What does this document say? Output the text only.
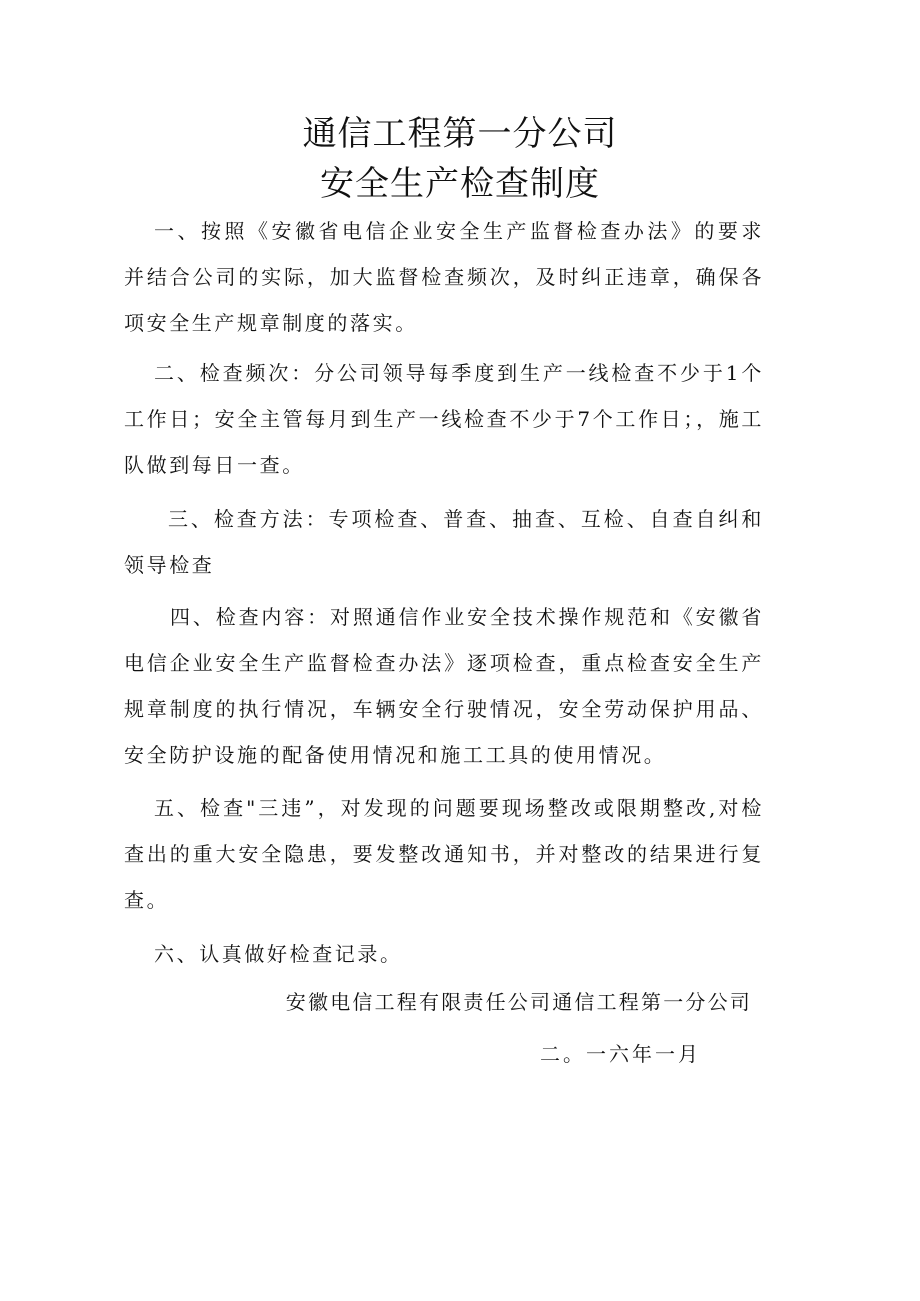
通信工程第一分公司
安全生产检查制度

一、按照《安徽省电信企业安全生产监督检查办法》的要求并结合公司的实际，加大监督检查频次，及时纠正违章，确保各项安全生产规章制度的落实。

二、检查频次：分公司领导每季度到生产一线检查不少于1个工作日；安全主管每月到生产一线检查不少于7个工作日；，施工队做到每日一查。

三、检查方法：专项检查、普查、抽查、互检、自查自纠和领导检查

四、检查内容：对照通信作业安全技术操作规范和《安徽省电信企业安全生产监督检查办法》逐项检查，重点检查安全生产规章制度的执行情况，车辆安全行驶情况，安全劳动保护用品、安全防护设施的配备使用情况和施工工具的使用情况。

五、检查"三违”，对发现的问题要现场整改或限期整改,对检查出的重大安全隐患，要发整改通知书，并对整改的结果进行复查。

六、认真做好检查记录。

安徽电信工程有限责任公司通信工程第一分公司
二。一六年一月
